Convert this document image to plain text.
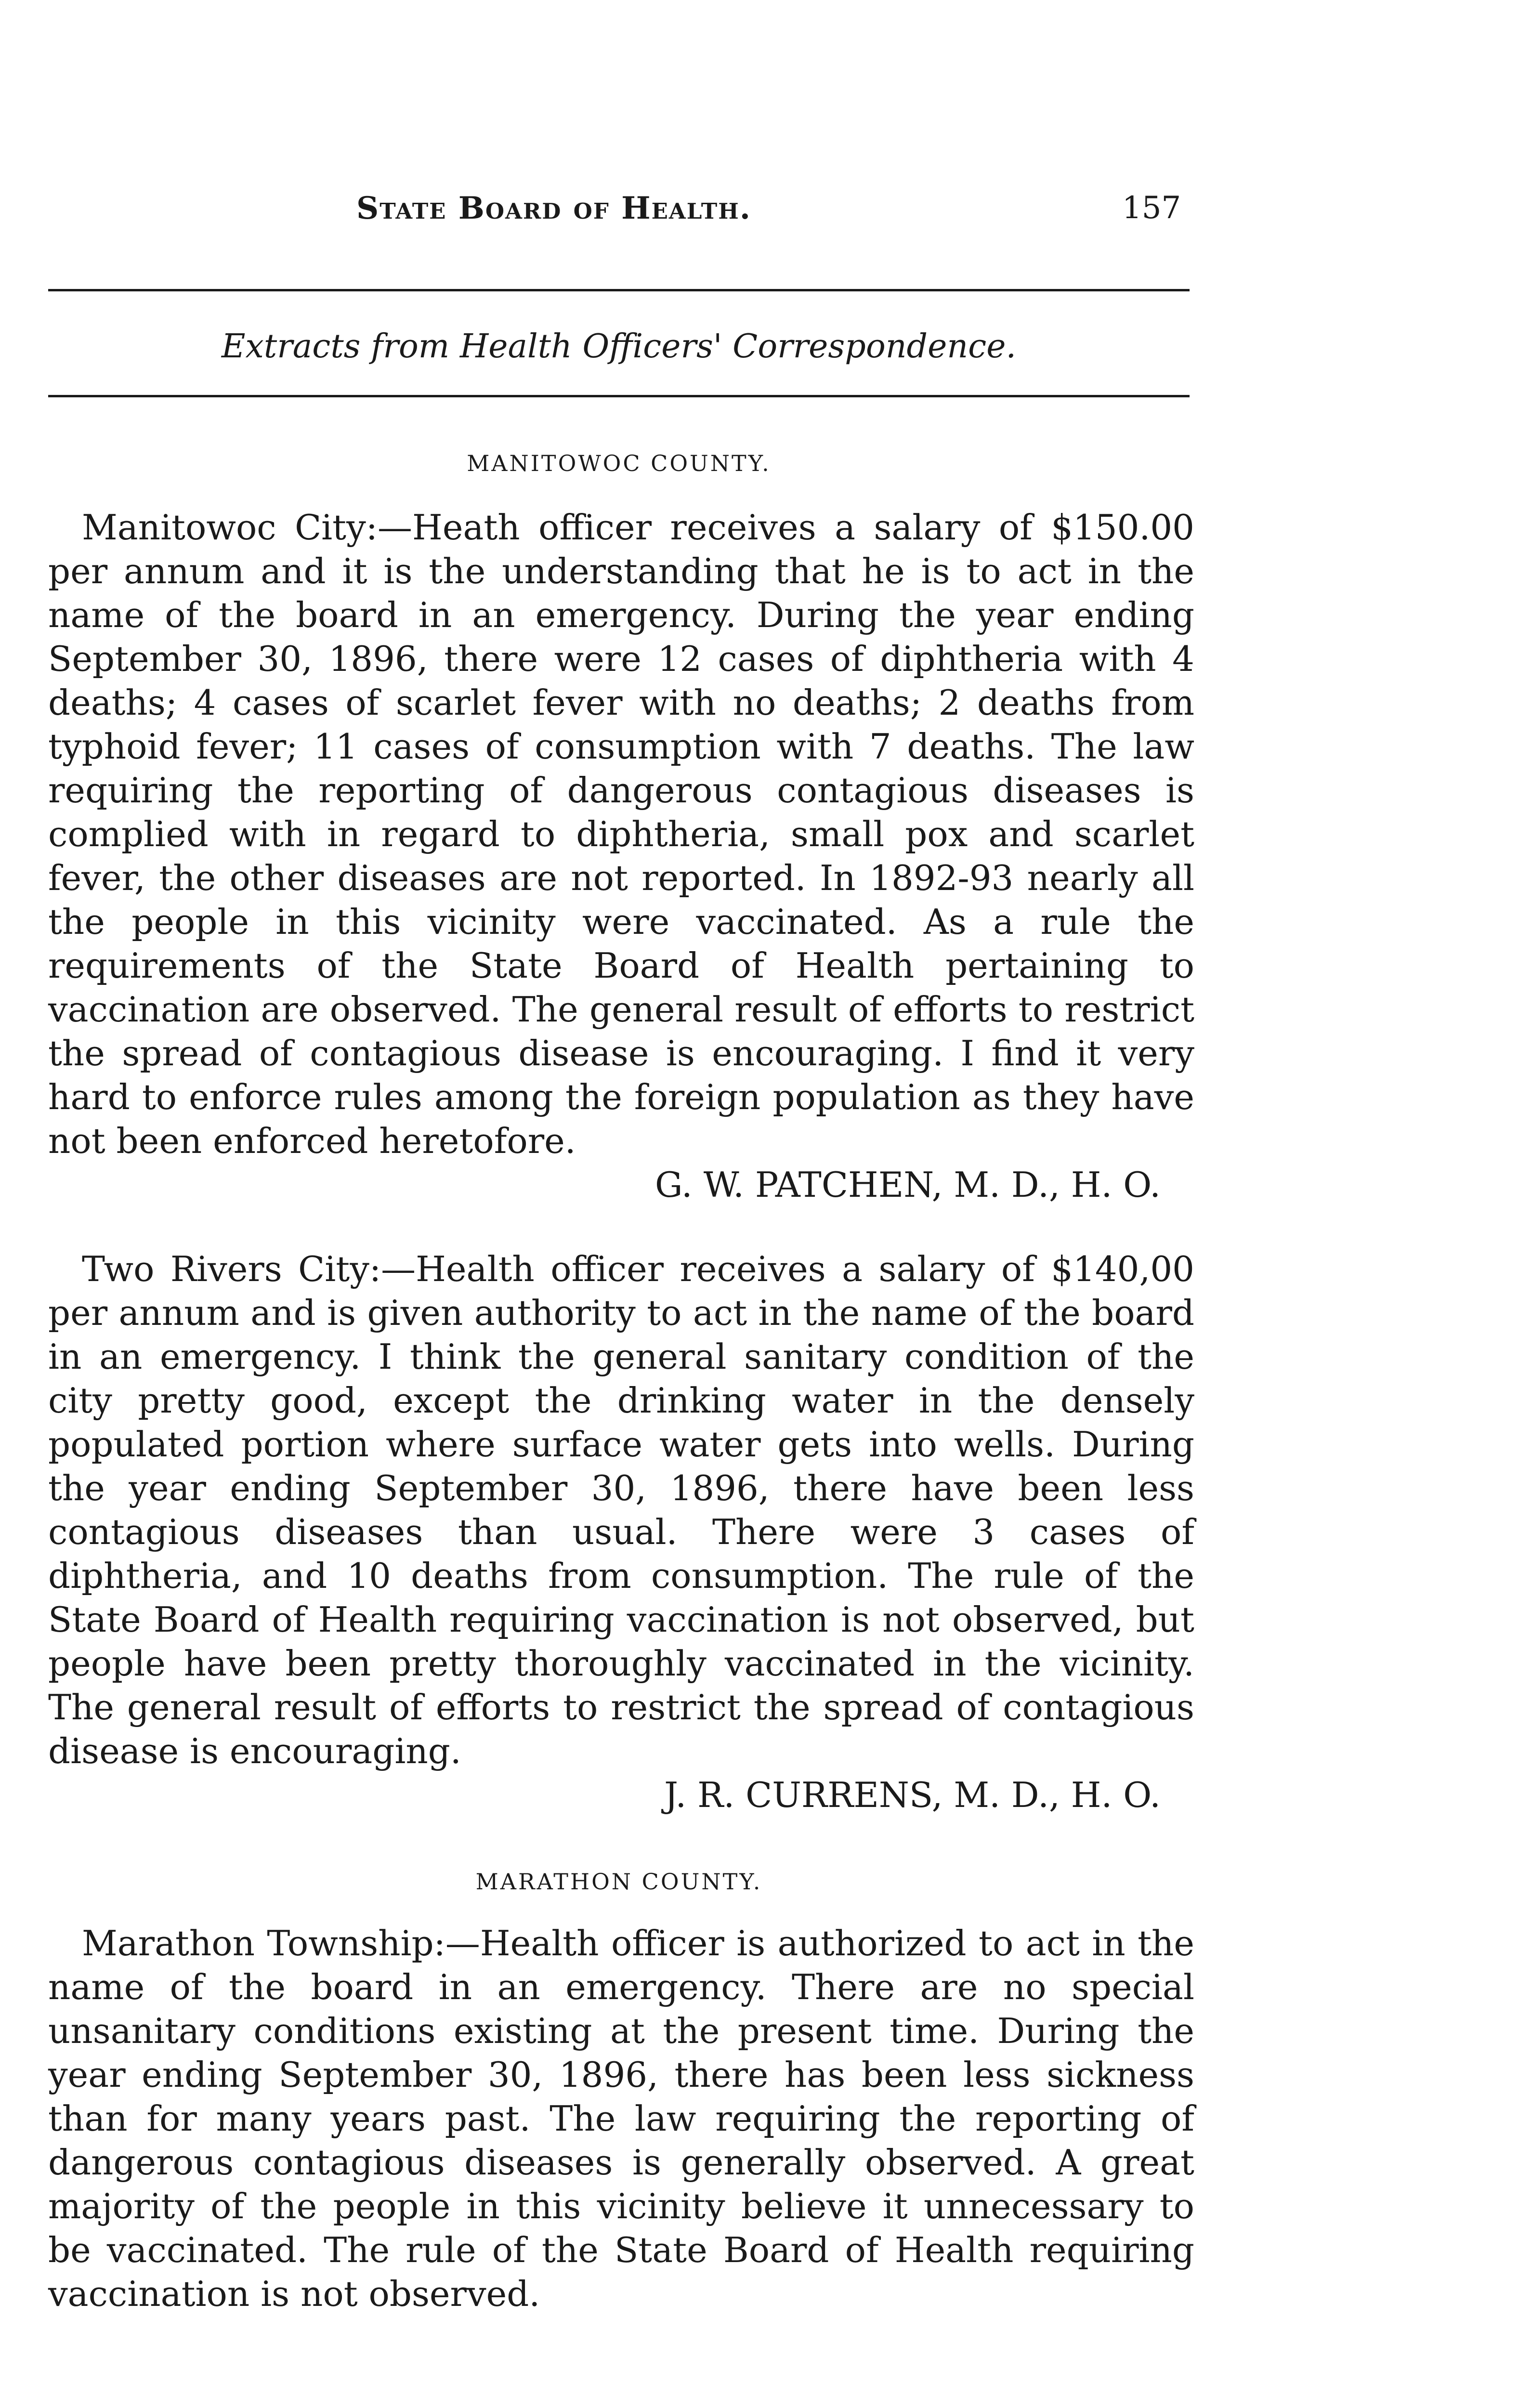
State Board of Health.	157
Extracts from Health Officers' Correspondence.
MANITOWOC COUNTY.

Manitowoc City:—Heath officer receives a salary of $150.00 per annum and it is the understanding that he is to act in the name of the board in an emergency. During the year ending September 30, 1896, there were 12 cases of diphtheria with 4 deaths; 4 cases of scarlet fever with no deaths; 2 deaths from typhoid fever; 11 cases of consumption with 7 deaths. The law requiring the reporting of dangerous contagious diseases is complied with in regard to diphtheria, small pox and scarlet fever, the other diseases are not reported. In 1892-93 nearly all the people in this vicinity were vaccinated. As a rule the requirements of the State Board of Health pertaining to vaccination are observed. The general result of efforts to restrict the spread of contagious disease is encouraging. I find it very hard to enforce rules among the foreign population as they have not been enforced heretofore.

G. W. PATCHEN, M. D., H. O.

Two Rivers City:—Health officer receives a salary of $140,00 per annum and is given authority to act in the name of the board in an emergency. I think the general sanitary condition of the city pretty good, except the drinking water in the densely populated portion where surface water gets into wells. During the year ending September 30, 1896, there have been less contagious diseases than usual. There were 3 cases of diphtheria, and 10 deaths from consumption. The rule of the State Board of Health requiring vaccination is not observed, but people have been pretty thoroughly vaccinated in the vicinity. The general result of efforts to restrict the spread of contagious disease is encouraging.

J. R. CURRENS, M. D., H. O.
MARATHON COUNTY.

Marathon Township:—Health officer is authorized to act in the name of the board in an emergency. There are no special unsanitary conditions existing at the present time. During the year ending September 30, 1896, there has been less sickness than for many years past. The law requiring the reporting of dangerous contagious diseases is generally observed. A great majority of the people in this vicinity believe it unnecessary to be vaccinated. The rule of the State Board of Health requiring vaccination is not observed.
